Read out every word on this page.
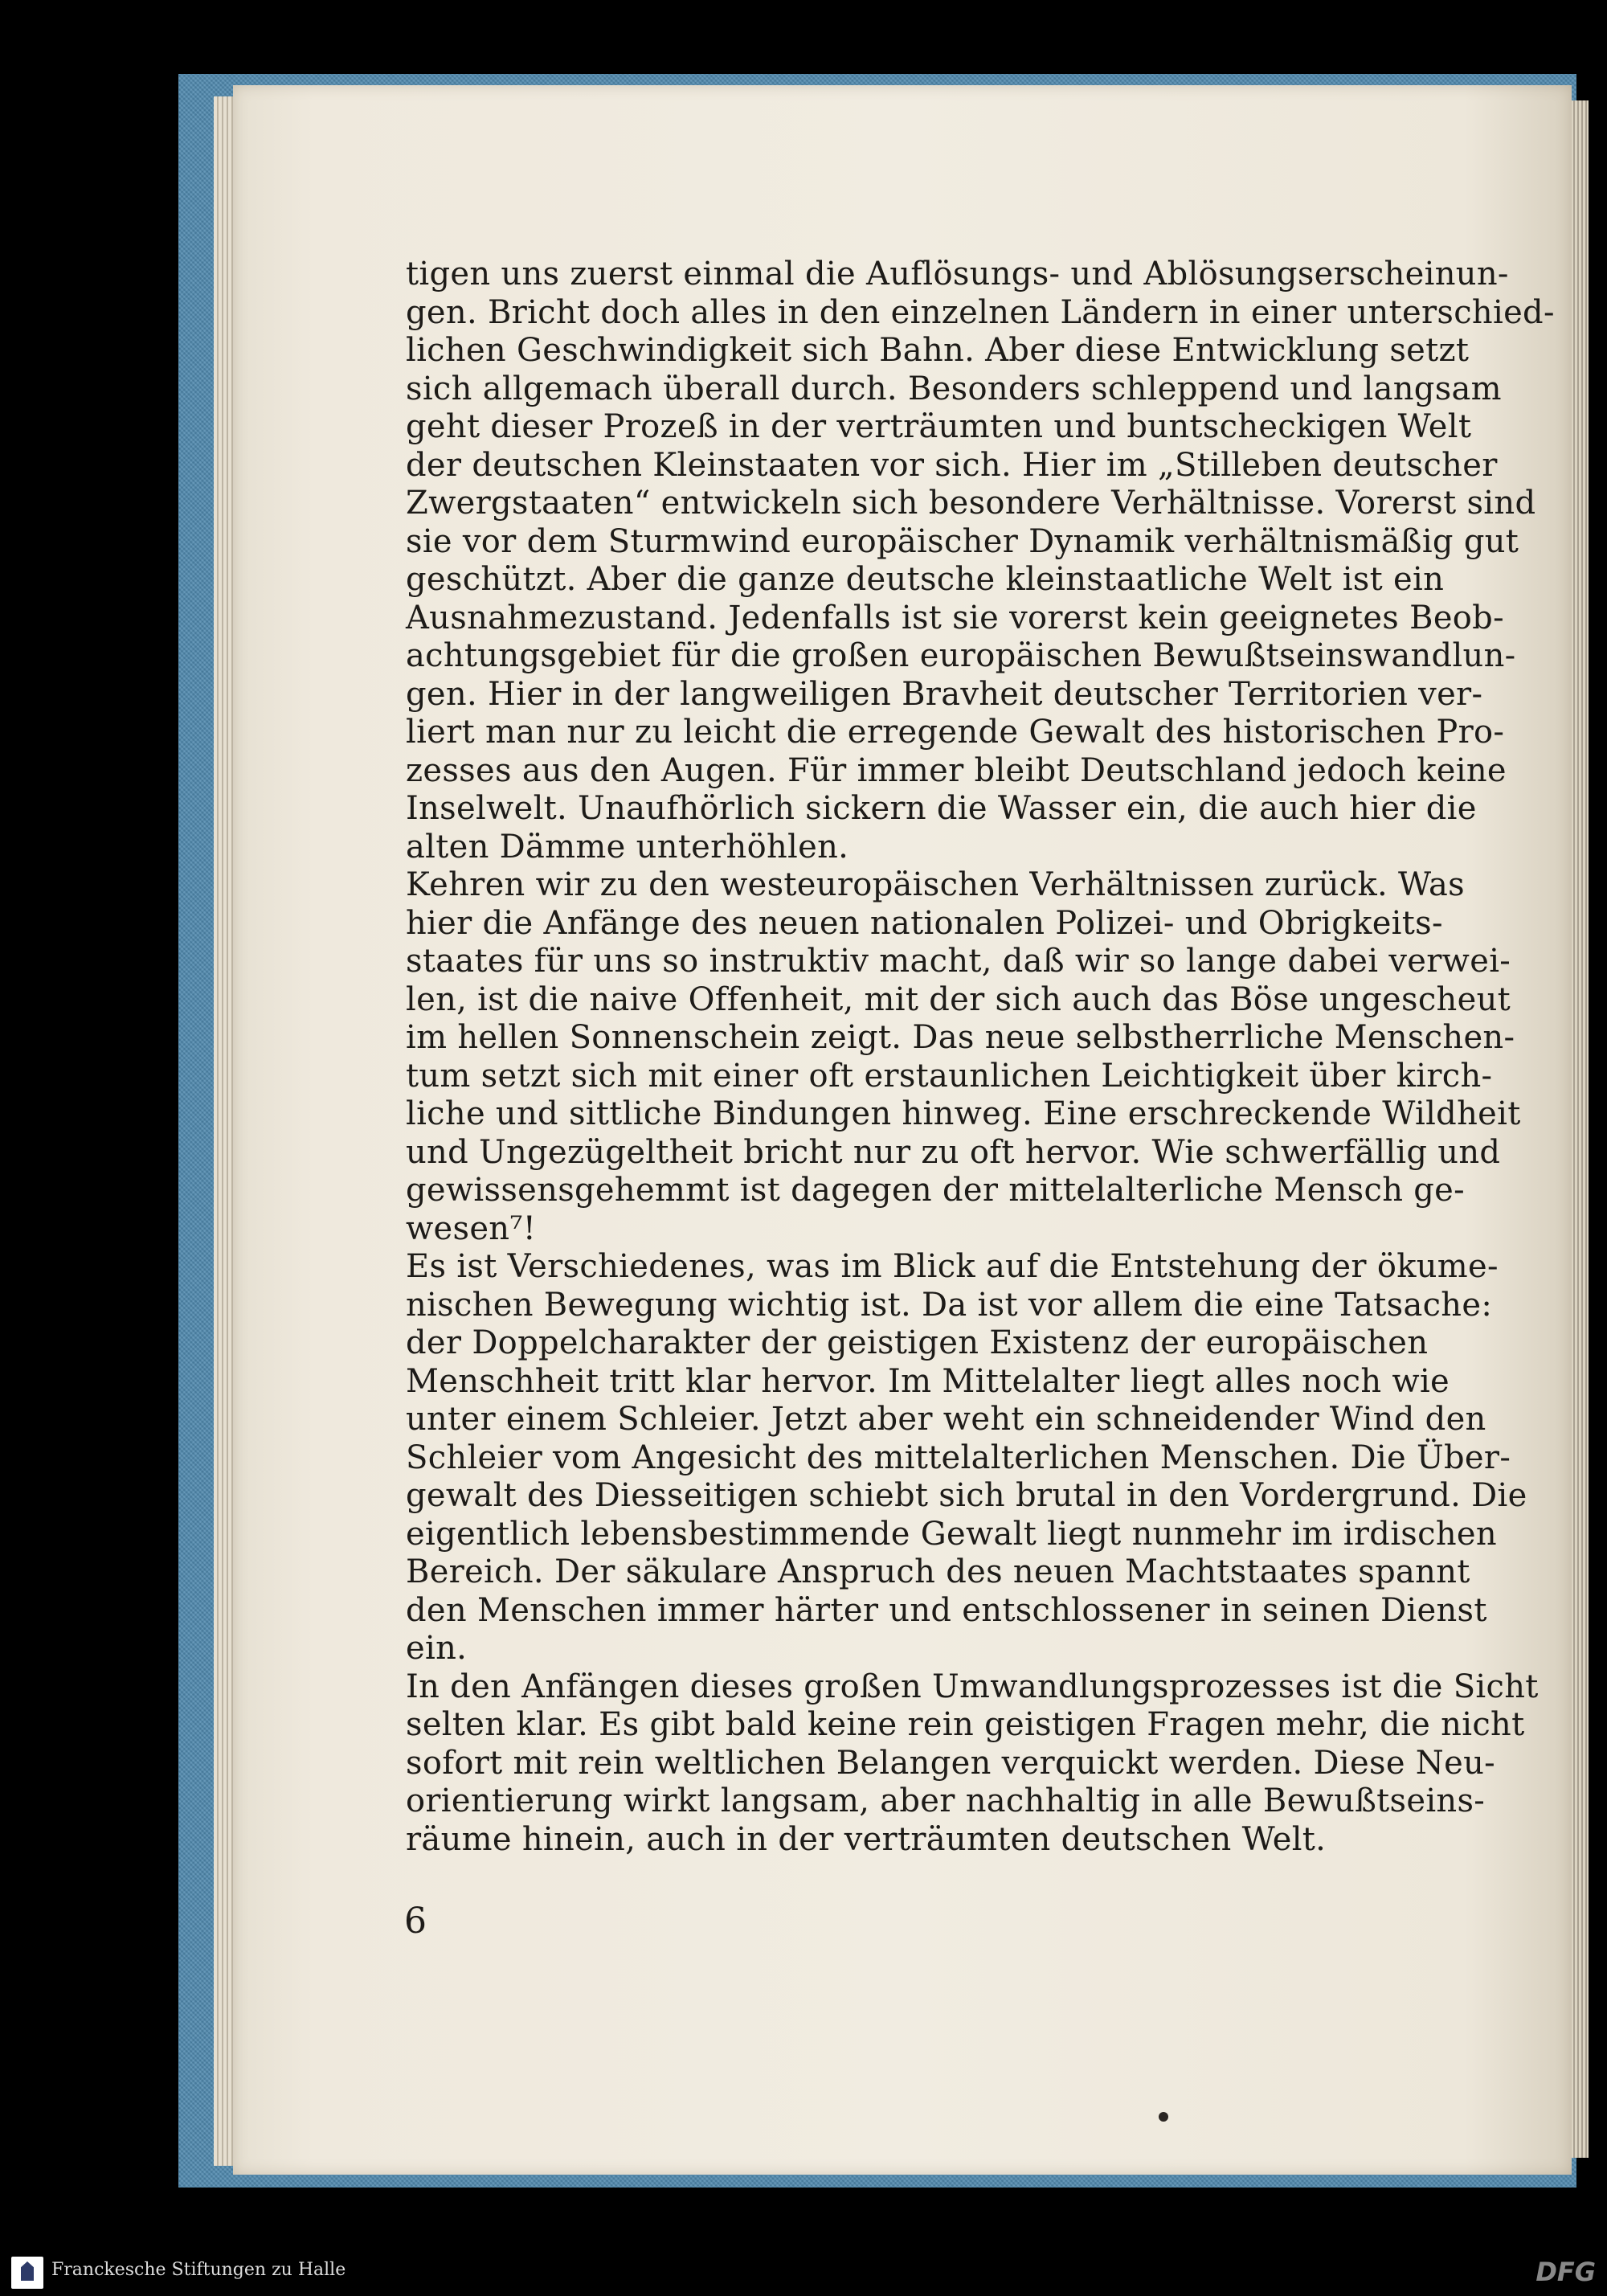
tigen uns zuerst einmal die Auflösungs- und Ablösungserscheinun-
gen. Bricht doch alles in den einzelnen Ländern in einer unterschied-
lichen Geschwindigkeit sich Bahn. Aber diese Entwicklung setzt
sich allgemach überall durch. Besonders schleppend und langsam
geht dieser Prozeß in der verträumten und buntscheckigen Welt
der deutschen Kleinstaaten vor sich. Hier im „Stilleben deutscher
Zwergstaaten“ entwickeln sich besondere Verhältnisse. Vorerst sind
sie vor dem Sturmwind europäischer Dynamik verhältnismäßig gut
geschützt. Aber die ganze deutsche kleinstaatliche Welt ist ein
Ausnahmezustand. Jedenfalls ist sie vorerst kein geeignetes Beob-
achtungsgebiet für die großen europäischen Bewußtseinswandlun-
gen. Hier in der langweiligen Bravheit deutscher Territorien ver-
liert man nur zu leicht die erregende Gewalt des historischen Pro-
zesses aus den Augen. Für immer bleibt Deutschland jedoch keine
Inselwelt. Unaufhörlich sickern die Wasser ein, die auch hier die
alten Dämme unterhöhlen.
Kehren wir zu den westeuropäischen Verhältnissen zurück. Was
hier die Anfänge des neuen nationalen Polizei- und Obrigkeits-
staates für uns so instruktiv macht, daß wir so lange dabei verwei-
len, ist die naive Offenheit, mit der sich auch das Böse ungescheut
im hellen Sonnenschein zeigt. Das neue selbstherrliche Menschen-
tum setzt sich mit einer oft erstaunlichen Leichtigkeit über kirch-
liche und sittliche Bindungen hinweg. Eine erschreckende Wildheit
und Ungezügeltheit bricht nur zu oft hervor. Wie schwerfällig und
gewissensgehemmt ist dagegen der mittelalterliche Mensch ge-
wesen⁷!
Es ist Verschiedenes, was im Blick auf die Entstehung der ökume-
nischen Bewegung wichtig ist. Da ist vor allem die eine Tatsache:
der Doppelcharakter der geistigen Existenz der europäischen
Menschheit tritt klar hervor. Im Mittelalter liegt alles noch wie
unter einem Schleier. Jetzt aber weht ein schneidender Wind den
Schleier vom Angesicht des mittelalterlichen Menschen. Die Über-
gewalt des Diesseitigen schiebt sich brutal in den Vordergrund. Die
eigentlich lebensbestimmende Gewalt liegt nunmehr im irdischen
Bereich. Der säkulare Anspruch des neuen Machtstaates spannt
den Menschen immer härter und entschlossener in seinen Dienst
ein.
In den Anfängen dieses großen Umwandlungsprozesses ist die Sicht
selten klar. Es gibt bald keine rein geistigen Fragen mehr, die nicht
sofort mit rein weltlichen Belangen verquickt werden. Diese Neu-
orientierung wirkt langsam, aber nachhaltig in alle Bewußtseins-
räume hinein, auch in der verträumten deutschen Welt.
6
Franckesche Stiftungen zu Halle	DFG
